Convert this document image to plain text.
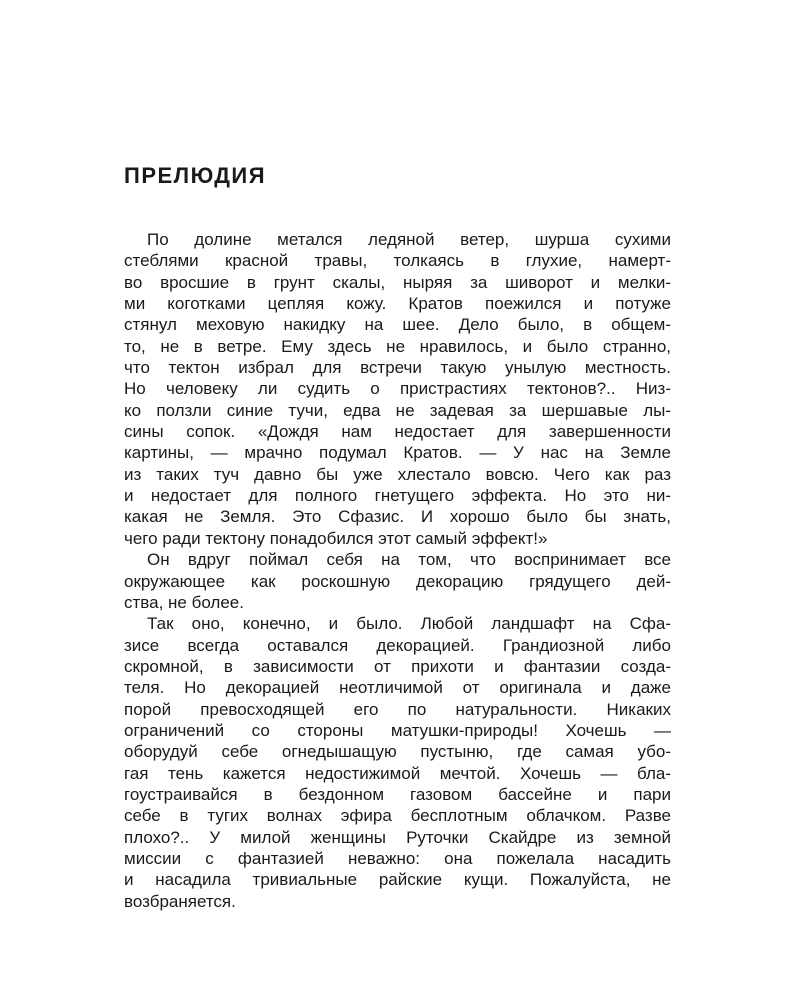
ПРЕЛЮДИЯ
По долине метался ледяной ветер, шурша сухими
стеблями красной травы, толкаясь в глухие, намерт-
во вросшие в грунт скалы, ныряя за шиворот и мелки-
ми коготками цепляя кожу. Кратов поежился и потуже
стянул меховую накидку на шее. Дело было, в общем-
то, не в ветре. Ему здесь не нравилось, и было странно,
что тектон избрал для встречи такую унылую местность.
Но человеку ли судить о пристрастиях тектонов?.. Низ-
ко ползли синие тучи, едва не задевая за шершавые лы-
сины сопок. «Дождя нам недостает для завершенности
картины, — мрачно подумал Кратов. — У нас на Земле
из таких туч давно бы уже хлестало вовсю. Чего как раз
и недостает для полного гнетущего эффекта. Но это ни-
какая не Земля. Это Сфазис. И хорошо было бы знать,
чего ради тектону понадобился этот самый эффект!»
Он вдруг поймал себя на том, что воспринимает все
окружающее как роскошную декорацию грядущего дей-
ства, не более.
Так оно, конечно, и было. Любой ландшафт на Сфа-
зисе всегда оставался декорацией. Грандиозной либо
скромной, в зависимости от прихоти и фантазии созда-
теля. Но декорацией неотличимой от оригинала и даже
порой превосходящей его по натуральности. Никаких
ограничений со стороны матушки-природы! Хочешь —
оборудуй себе огнедышащую пустыню, где самая убо-
гая тень кажется недостижимой мечтой. Хочешь — бла-
гоустраивайся в бездонном газовом бассейне и пари
себе в тугих волнах эфира бесплотным облачком. Разве
плохо?.. У милой женщины Руточки Скайдре из земной
миссии с фантазией неважно: она пожелала насадить
и насадила тривиальные райские кущи. Пожалуйста, не
возбраняется.
